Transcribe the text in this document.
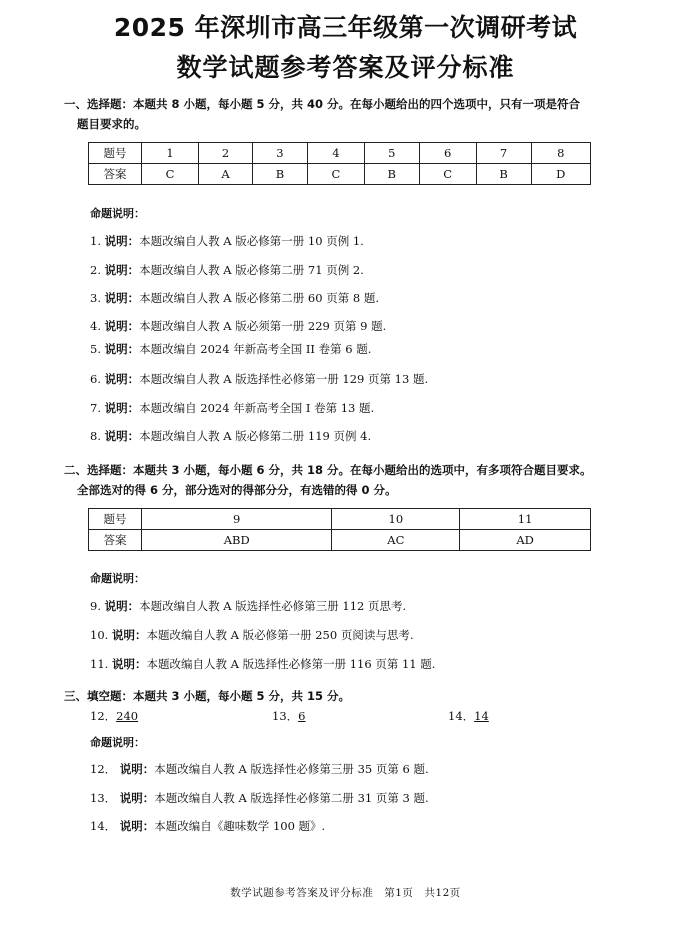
2025 年深圳市高三年级第一次调研考试
数学试题参考答案及评分标准
一、选择题：本题共 8 小题，每小题 5 分，共 40 分。在每小题给出的四个选项中，只有一项是符合
题目要求的。
题号	1	2	3	4	5	6	7	8
答案	C	A	B	C	B	C	B	D
命题说明：
1. 说明：本题改编自人教 A 版必修第一册 10 页例 1.
2. 说明：本题改编自人教 A 版必修第二册 71 页例 2.
3. 说明：本题改编自人教 A 版必修第二册 60 页第 8 题.
4. 说明：本题改编自人教 A 版必须第一册 229 页第 9 题.
5. 说明：本题改编自 2024 年新高考全国 II 卷第 6 题.
6. 说明：本题改编自人教 A 版选择性必修第一册 129 页第 13 题.
7. 说明：本题改编自 2024 年新高考全国 I 卷第 13 题.
8. 说明：本题改编自人教 A 版必修第二册 119 页例 4.
二、选择题：本题共 3 小题，每小题 6 分，共 18 分。在每小题给出的选项中，有多项符合题目要求。
全部选对的得 6 分，部分选对的得部分分，有选错的得 0 分。
题号	9	10	11
答案	ABD	AC	AD
命题说明：
9. 说明：本题改编自人教 A 版选择性必修第三册 112 页思考.
10. 说明：本题改编自人教 A 版必修第一册 250 页阅读与思考.
11. 说明：本题改编自人教 A 版选择性必修第一册 116 页第 11 题.
三、填空题：本题共 3 小题，每小题 5 分，共 15 分。
12．240	13．6	14．14
命题说明：
12． 说明：本题改编自人教 A 版选择性必修第三册 35 页第 6 题.
13． 说明：本题改编自人教 A 版选择性必修第二册 31 页第 3 题.
14． 说明：本题改编自《趣味数学 100 题》.
数学试题参考答案及评分标准　第1页　共12页
